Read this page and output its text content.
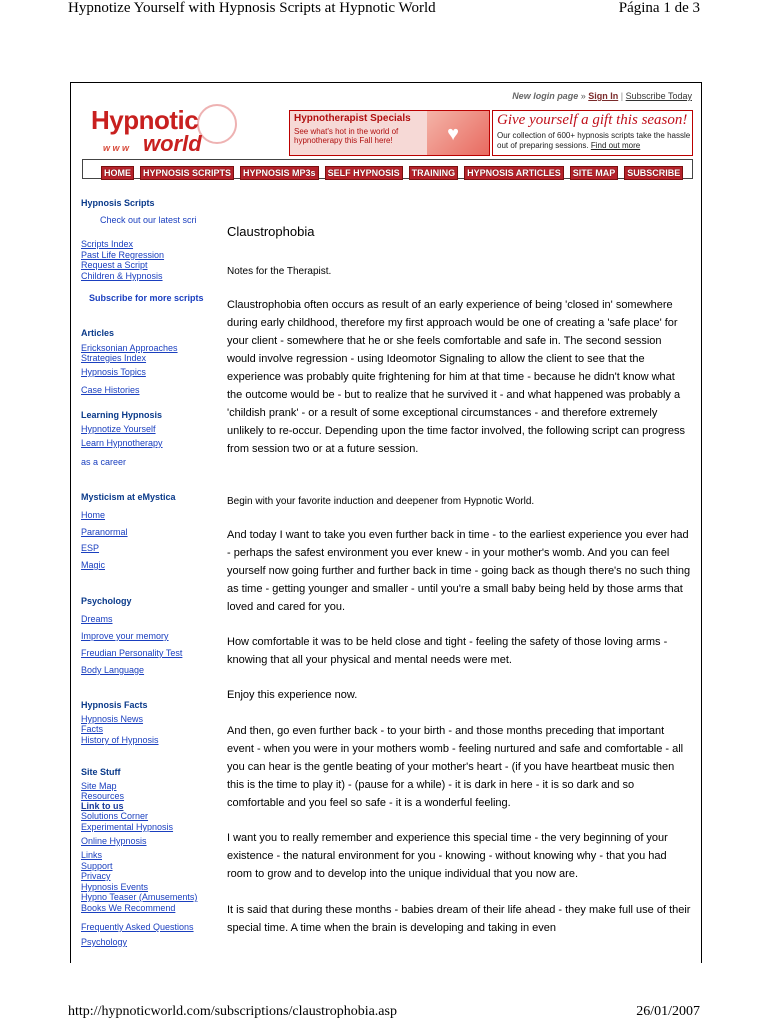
Hypnotize Yourself with Hypnosis Scripts at Hypnotic World	Página 1 de 3
New login page » Sign In | Subscribe Today
Hypnotic
w w w world
Hypnotherapist Specials
See what's hot in the world of hypnotherapy this Fall here!	♥
Give yourself a gift this season!
Our collection of 600+ hypnosis scripts take the hassle out of preparing sessions. Find out more
HOME HYPNOSIS SCRIPTS HYPNOSIS MP3s SELF HYPNOSIS TRAINING HYPNOSIS ARTICLES SITE MAP SUBSCRIBE
Hypnosis Scripts
Check out our latest scri
Scripts Index
Past Life Regression
Request a Script
Children & Hypnosis
Subscribe for more scripts
Articles
Ericksonian Approaches
Strategies Index
Hypnosis Topics
Case Histories
Learning Hypnosis
Hypnotize Yourself
Learn Hypnotherapy
as a career
Mysticism at eMystica
Home
Paranormal
ESP
Magic
Psychology
Dreams
Improve your memory
Freudian Personality Test
Body Language
Hypnosis Facts
Hypnosis News
Facts
History of Hypnosis
Site Stuff
Site Map
Resources
Link to us
Solutions Corner
Experimental Hypnosis
Online Hypnosis
Links
Support
Privacy
Hypnosis Events
Hypno Teaser (Amusements)
Books We Recommend
Frequently Asked Questions
Psychology
Claustrophobia

Notes for the Therapist.

Claustrophobia often occurs as result of an early experience of being 'closed in' somewhere during early childhood, therefore my first approach would be one of creating a 'safe place' for your client - somewhere that he or she feels comfortable and safe in. The second session would involve regression - using Ideomotor Signaling to allow the client to see that the experience was probably quite frightening for him at that time - because he didn't know what the outcome would be - but to realize that he survived it - and what happened was probably a 'childish prank' - or a result of some exceptional circumstances - and therefore extremely unlikely to re-occur. Depending upon the time factor involved, the following script can progress from session two or at a future session.

Begin with your favorite induction and deepener from Hypnotic World.

And today I want to take you even further back in time - to the earliest experience you ever had - perhaps the safest environment you ever knew - in your mother's womb. And you can feel yourself now going further and further back in time - going back as though there's no such thing as time - getting younger and smaller - until you're a small baby being held by those arms that loved and cared for you.

How comfortable it was to be held close and tight - feeling the safety of those loving arms - knowing that all your physical and mental needs were met.

Enjoy this experience now.

And then, go even further back - to your birth - and those months preceding that important event - when you were in your mothers womb - feeling nurtured and safe and comfortable - all you can hear is the gentle beating of your mother's heart - (if you have heartbeat music then this is the time to play it) - (pause for a while) - it is dark in here - it is so dark and so comfortable and you feel so safe - it is a wonderful feeling.

I want you to really remember and experience this special time - the very beginning of your existence - the natural environment for you - knowing - without knowing why - that you had room to grow and to develop into the unique individual that you now are.

It is said that during these months - babies dream of their life ahead - they make full use of their special time. A time when the brain is developing and taking in even

http://hypnoticworld.com/subscriptions/claustrophobia.asp	26/01/2007
